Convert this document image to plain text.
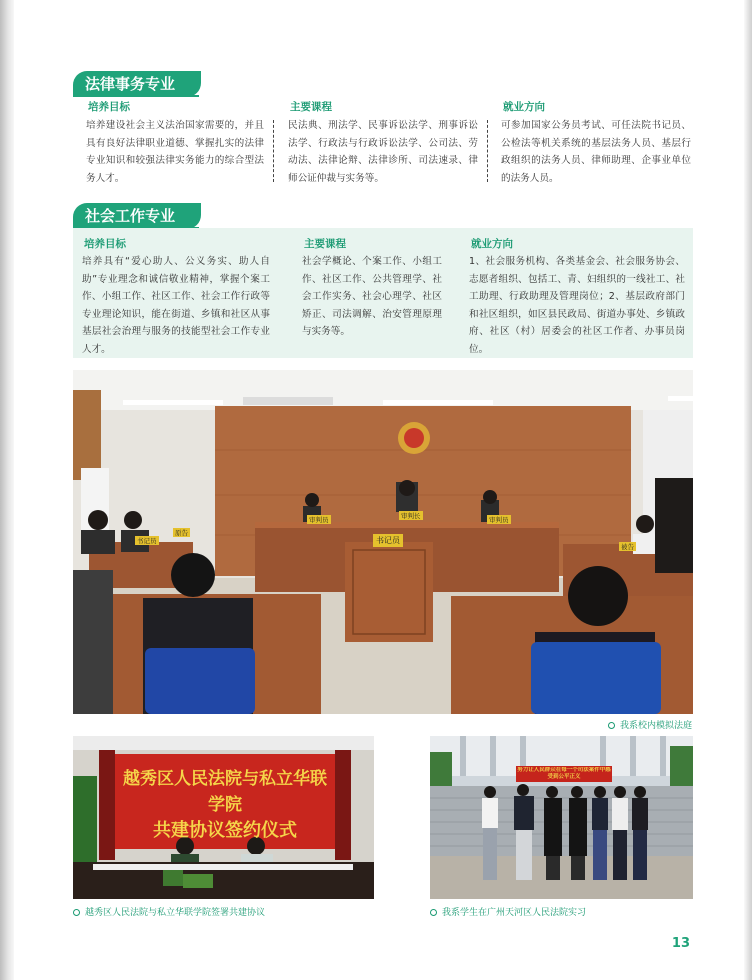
法律事务专业
培养目标
培养建设社会主义法治国家需要的，并且具有良好法律职业道德、掌握扎实的法律专业知识和较强法律实务能力的综合型法务人才。
主要课程
民法典、刑法学、民事诉讼法学、刑事诉讼法学、行政法与行政诉讼法学、公司法、劳动法、法律论辩、法律诊所、司法速录、律师公证仲裁与实务等。
就业方向
可参加国家公务员考试、可任法院书记员、公检法等机关系统的基层法务人员、基层行政组织的法务人员、律师助理、企事业单位的法务人员。
社会工作专业
培养目标
培养具有“爱心助人、公义务实、助人自助”专业理念和诚信敬业精神，掌握个案工作、小组工作、社区工作、社会工作行政等专业理论知识，能在街道、乡镇和社区从事基层社会治理与服务的技能型社会工作专业人才。
主要课程
社会学概论、个案工作、小组工作、社区工作、公共管理学、社会工作实务、社会心理学、社区矫正、司法调解、治安管理原理与实务等。
就业方向
1、社会服务机构、各类基金会、社会服务协会、志愿者组织、包括工、青、妇组织的一线社工、社工助理、行政助理及管理岗位；2、基层政府部门和社区组织，如区县民政局、街道办事处、乡镇政府、社区（村）居委会的社区工作者、办事员岗位。
审判员	审判长	审判员
书记员
书记员
原告
被告
我系校内模拟法庭
越秀区人民法院与私立华联学院
共建协议签约仪式
越秀区人民法院与私立华联学院签署共建协议
努力让人民群众在每一个司法案件中感受到公平正义
我系学生在广州天河区人民法院实习
13
